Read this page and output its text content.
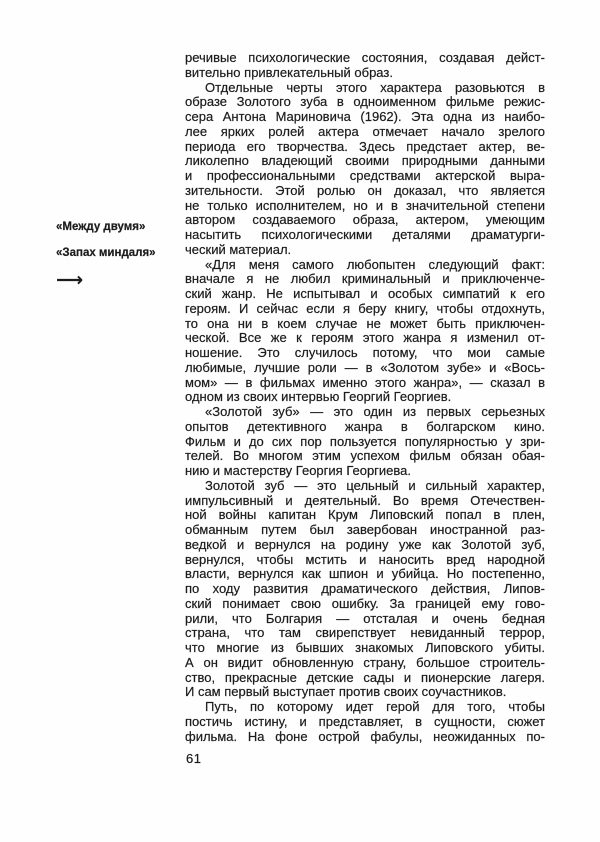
«Между двумя»
«Запах миндаля»
⟶
речивые психологические состояния, создавая дейст-
вительно привлекательный образ.
Отдельные черты этого характера разовьются в
образе Золотого зуба в одноименном фильме режис-
сера Антона Мариновича (1962). Эта одна из наибо-
лее ярких ролей актера отмечает начало зрелого
периода его творчества. Здесь предстает актер, ве-
ликолепно владеющий своими природными данными
и профессиональными средствами актерской выра-
зительности. Этой ролью он доказал, что является
не только исполнителем, но и в значительной степени
автором создаваемого образа, актером, умеющим
насытить психологическими деталями драматурги-
ческий материал.
«Для меня самого любопытен следующий факт:
вначале я не любил криминальный и приключенче-
ский жанр. Не испытывал и особых симпатий к его
героям. И сейчас если я беру книгу, чтобы отдохнуть,
то она ни в коем случае не может быть приключен-
ческой. Все же к героям этого жанра я изменил от-
ношение. Это случилось потому, что мои самые
любимые, лучшие роли — в «Золотом зубе» и «Вось-
мом» — в фильмах именно этого жанра», — сказал в
одном из своих интервью Георгий Георгиев.
«Золотой зуб» — это один из первых серьезных
опытов детективного жанра в болгарском кино.
Фильм и до сих пор пользуется популярностью у зри-
телей. Во многом этим успехом фильм обязан обая-
нию и мастерству Георгия Георгиева.
Золотой зуб — это цельный и сильный характер,
импульсивный и деятельный. Во время Отечествен-
ной войны капитан Крум Липовский попал в плен,
обманным путем был завербован иностранной раз-
ведкой и вернулся на родину уже как Золотой зуб,
вернулся, чтобы мстить и наносить вред народной
власти, вернулся как шпион и убийца. Но постепенно,
по ходу развития драматического действия, Липов-
ский понимает свою ошибку. За границей ему гово-
рили, что Болгария — отсталая и очень бедная
страна, что там свирепствует невиданный террор,
что многие из бывших знакомых Липовского убиты.
А он видит обновленную страну, большое строитель-
ство, прекрасные детские сады и пионерские лагеря.
И сам первый выступает против своих соучастников.
Путь, по которому идет герой для того, чтобы
постичь истину, и представляет, в сущности, сюжет
фильма. На фоне острой фабулы, неожиданных по-
61
